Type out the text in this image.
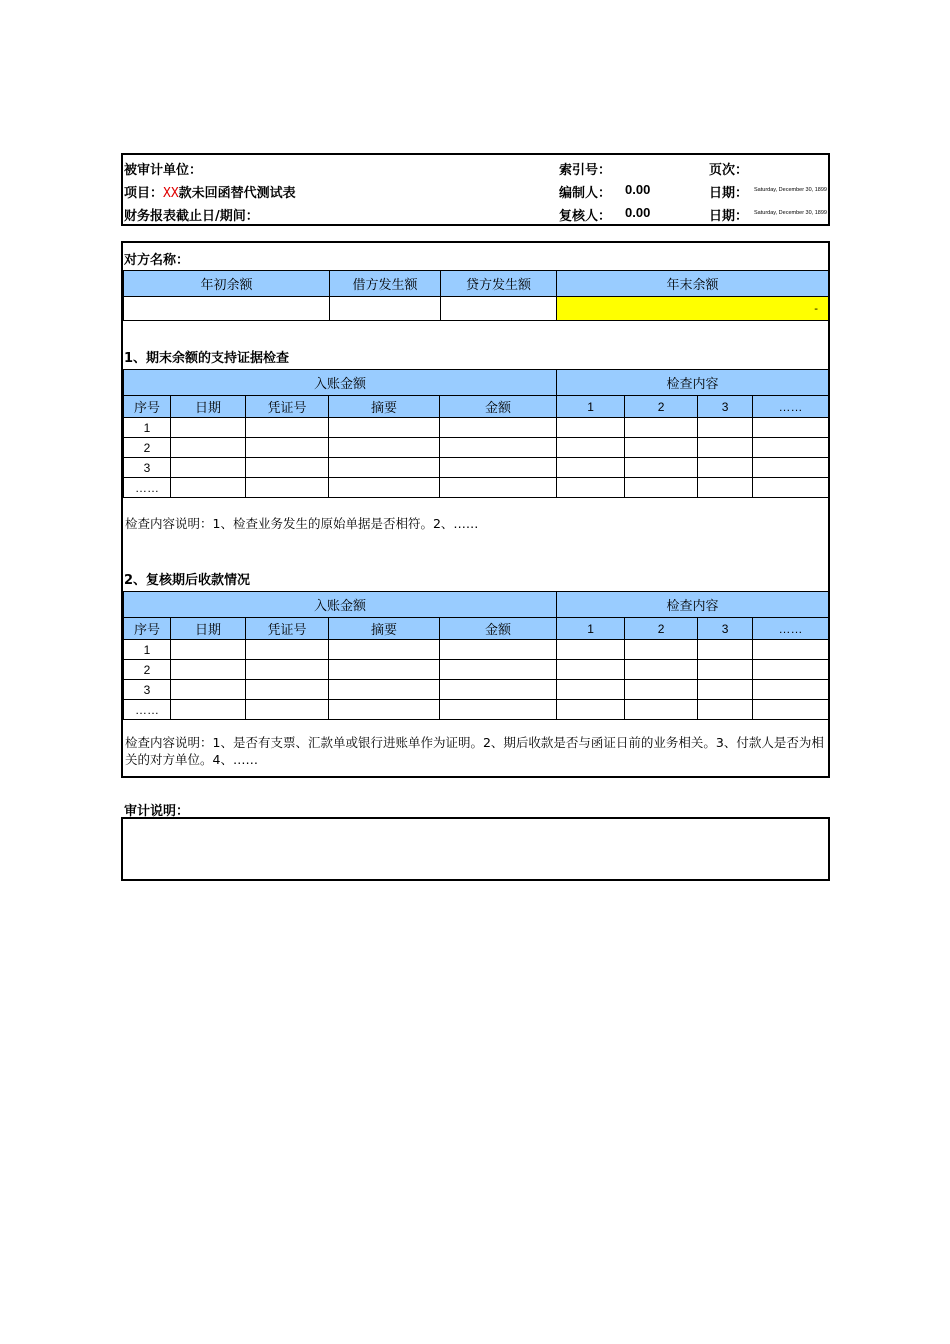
被审计单位：	索引号：	页次：
项目：XX款未回函替代测试表	编制人： 0.00	日期： Saturday, December 30, 1899
财务报表截止日/期间：	复核人： 0.00	日期： Saturday, December 30, 1899
对方名称：
年初余额	借方发生额	贷方发生额	年末余额
			-
1、期末余额的支持证据检查
入账金额					检查内容			
序号	日期	凭证号	摘要	金额	1	2	3	……
1								
2								
3								
……								
检查内容说明：1、检查业务发生的原始单据是否相符。2、……
2、复核期后收款情况
入账金额					检查内容			
序号	日期	凭证号	摘要	金额	1	2	3	……
1								
2								
3								
……								
检查内容说明：1、是否有支票、汇款单或银行进账单作为证明。2、期后收款是否与函证日前的业务相关。3、付款人是否为相关的对方单位。4、……
审计说明：
